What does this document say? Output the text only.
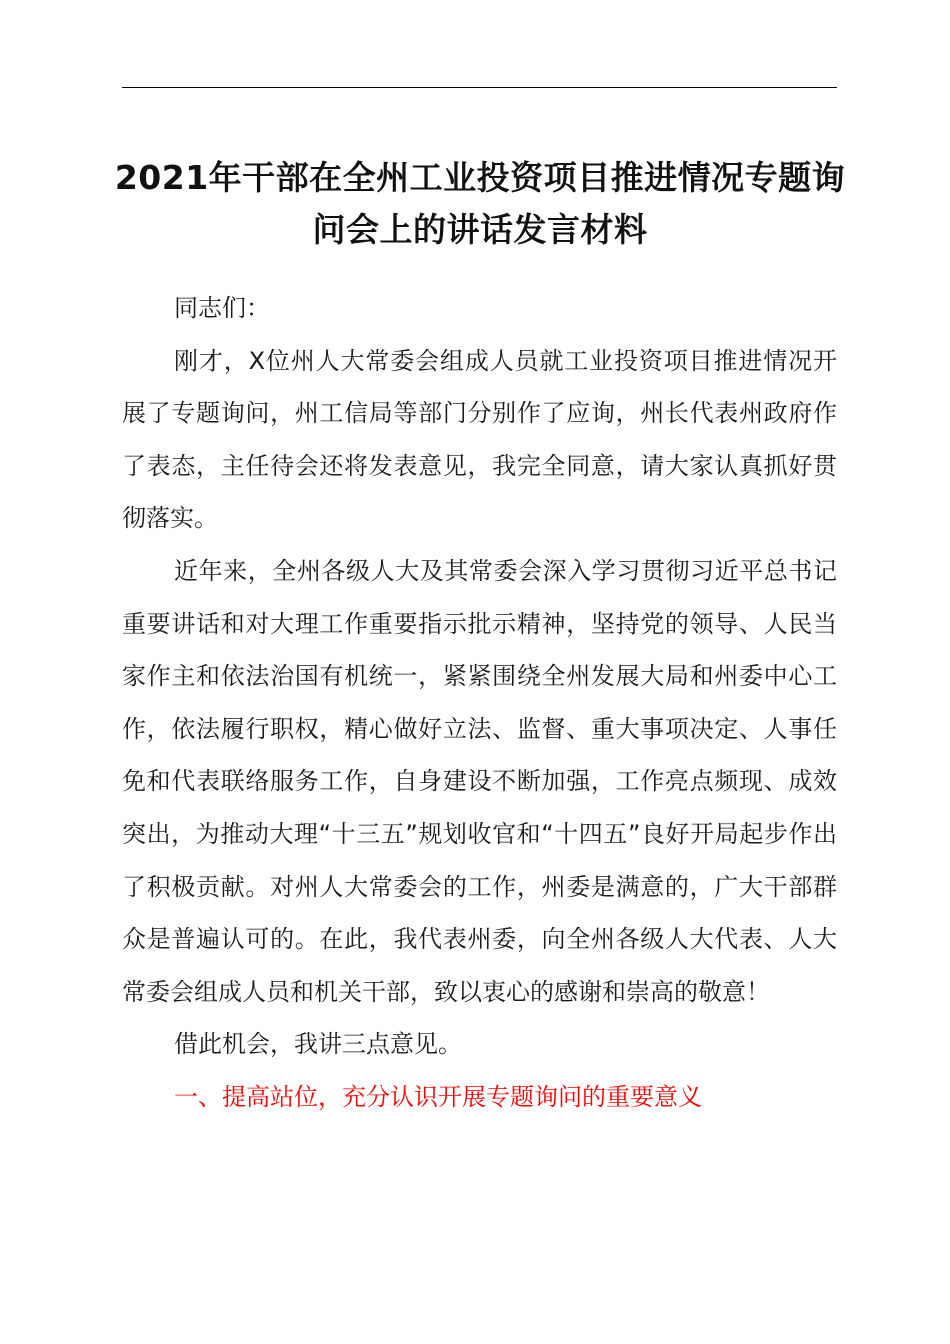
2021年干部在全州工业投资项目推进情况专题询问会上的讲话发言材料

同志们：

刚才，X位州人大常委会组成人员就工业投资项目推进情况开展了专题询问，州工信局等部门分别作了应询，州长代表州政府作了表态，主任待会还将发表意见，我完全同意，请大家认真抓好贯彻落实。

近年来，全州各级人大及其常委会深入学习贯彻习近平总书记重要讲话和对大理工作重要指示批示精神，坚持党的领导、人民当家作主和依法治国有机统一，紧紧围绕全州发展大局和州委中心工作，依法履行职权，精心做好立法、监督、重大事项决定、人事任免和代表联络服务工作，自身建设不断加强，工作亮点频现、成效突出，为推动大理“十三五”规划收官和“十四五”良好开局起步作出了积极贡献。对州人大常委会的工作，州委是满意的，广大干部群众是普遍认可的。在此，我代表州委，向全州各级人大代表、人大常委会组成人员和机关干部，致以衷心的感谢和崇高的敬意！

借此机会，我讲三点意见。

一、提高站位，充分认识开展专题询问的重要意义
